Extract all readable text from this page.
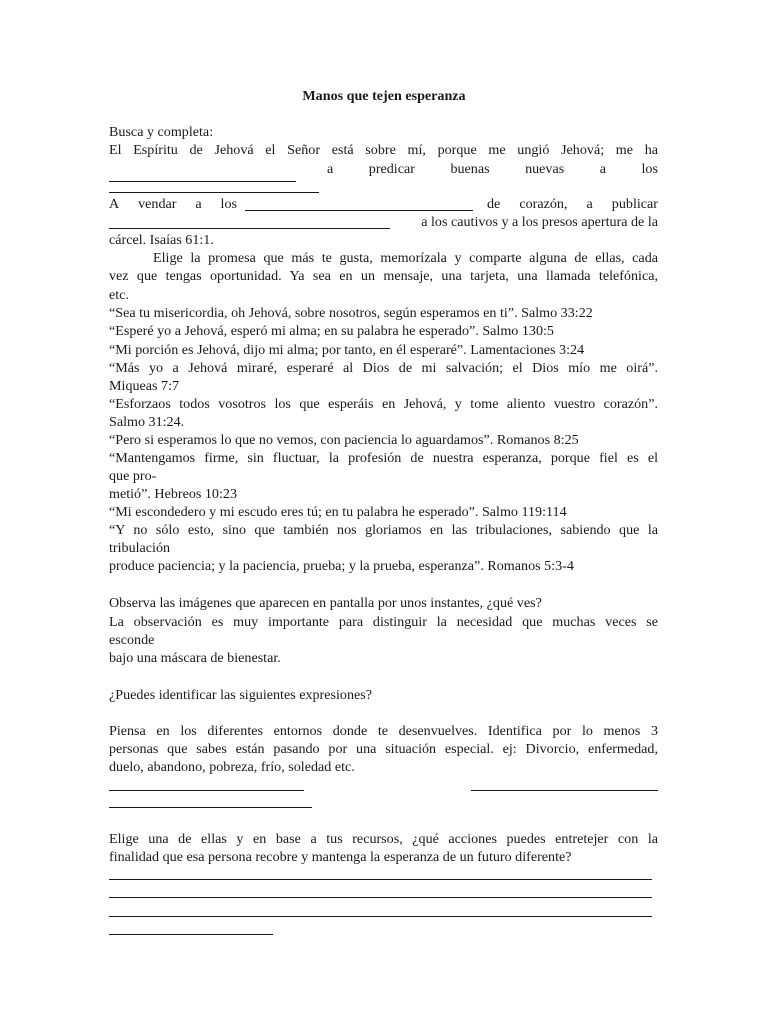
Manos que tejen esperanza
Busca y completa:
El Espíritu de Jehová el Señor está sobre mí, porque me ungió Jehová; me ha
a	predicar	buenas	nuevas	a	los
A vendar a los	de corazón, a publicar
a los cautivos y a los presos apertura de la
cárcel. Isaías 61:1.
Elige la promesa que más te gusta, memorízala y comparte alguna de ellas, cada
vez que tengas oportunidad. Ya sea en un mensaje, una tarjeta, una llamada telefónica,
etc.
“Sea tu misericordia, oh Jehová, sobre nosotros, según esperamos en ti”. Salmo 33:22
“Esperé yo a Jehová, esperó mi alma; en su palabra he esperado”. Salmo 130:5
“Mi porción es Jehová, dijo mi alma; por tanto, en él esperaré”. Lamentaciones 3:24
“Más yo a Jehová miraré, esperaré al Dios de mi salvación; el Dios mío me oirá”.
Miqueas 7:7
“Esforzaos todos vosotros los que esperáis en Jehová, y tome aliento vuestro corazón”.
Salmo 31:24.
“Pero si esperamos lo que no vemos, con paciencia lo aguardamos”. Romanos 8:25
“Mantengamos firme, sin fluctuar, la profesión de nuestra esperanza, porque fiel es el
que pro-
metió”. Hebreos 10:23
“Mi escondedero y mi escudo eres tú; en tu palabra he esperado”. Salmo 119:114
“Y no sólo esto, sino que también nos gloriamos en las tribulaciones, sabiendo que la
tribulación
produce paciencia; y la paciencia, prueba; y la prueba, esperanza”. Romanos 5:3-4
Observa las imágenes que aparecen en pantalla por unos instantes, ¿qué ves?
La observación es muy importante para distinguir la necesidad que muchas veces se
esconde
bajo una máscara de bienestar.
¿Puedes identificar las siguientes expresiones?
Piensa en los diferentes entornos donde te desenvuelves. Identifica por lo menos 3
personas que sabes están pasando por una situación especial. ej: Divorcio, enfermedad,
duelo, abandono, pobreza, frío, soledad etc.
Elige una de ellas y en base a tus recursos, ¿qué acciones puedes entretejer con la
finalidad que esa persona recobre y mantenga la esperanza de un futuro diferente?
